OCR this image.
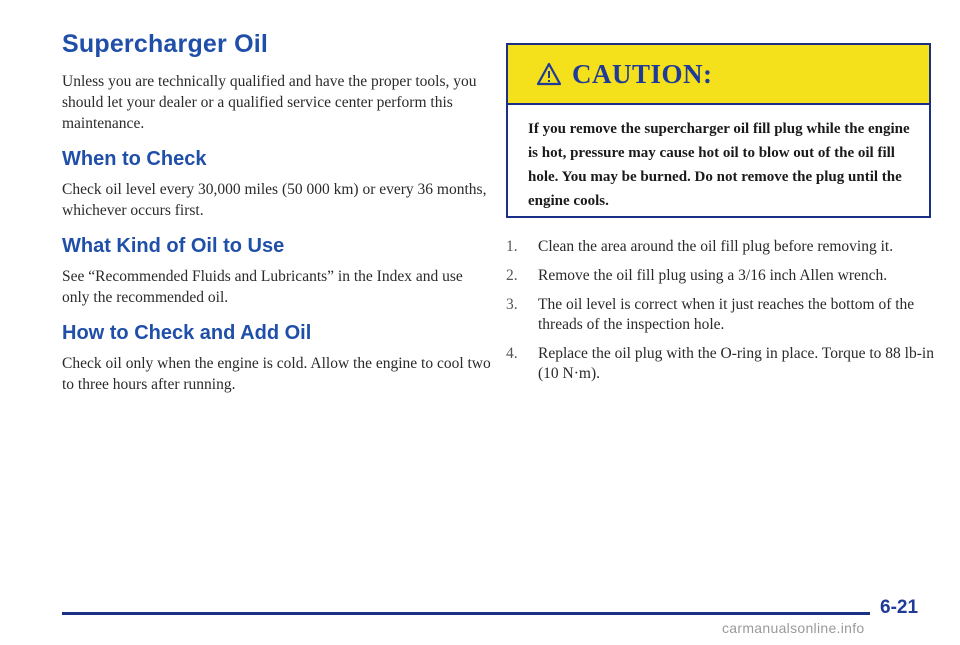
Supercharger Oil

Unless you are technically qualified and have the proper tools, you should let your dealer or a qualified service center perform this maintenance.

When to Check

Check oil level every 30,000 miles (50 000 km) or every 36 months, whichever occurs first.

What Kind of Oil to Use

See “Recommended Fluids and Lubricants” in the Index and use only the recommended oil.

How to Check and Add Oil

Check oil only when the engine is cold. Allow the engine to cool two to three hours after running.

CAUTION:
If you remove the supercharger oil fill plug while the engine is hot, pressure may cause hot oil to blow out of the oil fill hole. You may be burned. Do not remove the plug until the engine cools.
1.	Clean the area around the oil fill plug before removing it.
2.	Remove the oil fill plug using a 3/16 inch Allen wrench.
3.	The oil level is correct when it just reaches the bottom of the threads of the inspection hole.
4.	Replace the oil plug with the O-ring in place. Torque to 88 lb-in (10 N·m).
6-21
carmanualsonline.info
